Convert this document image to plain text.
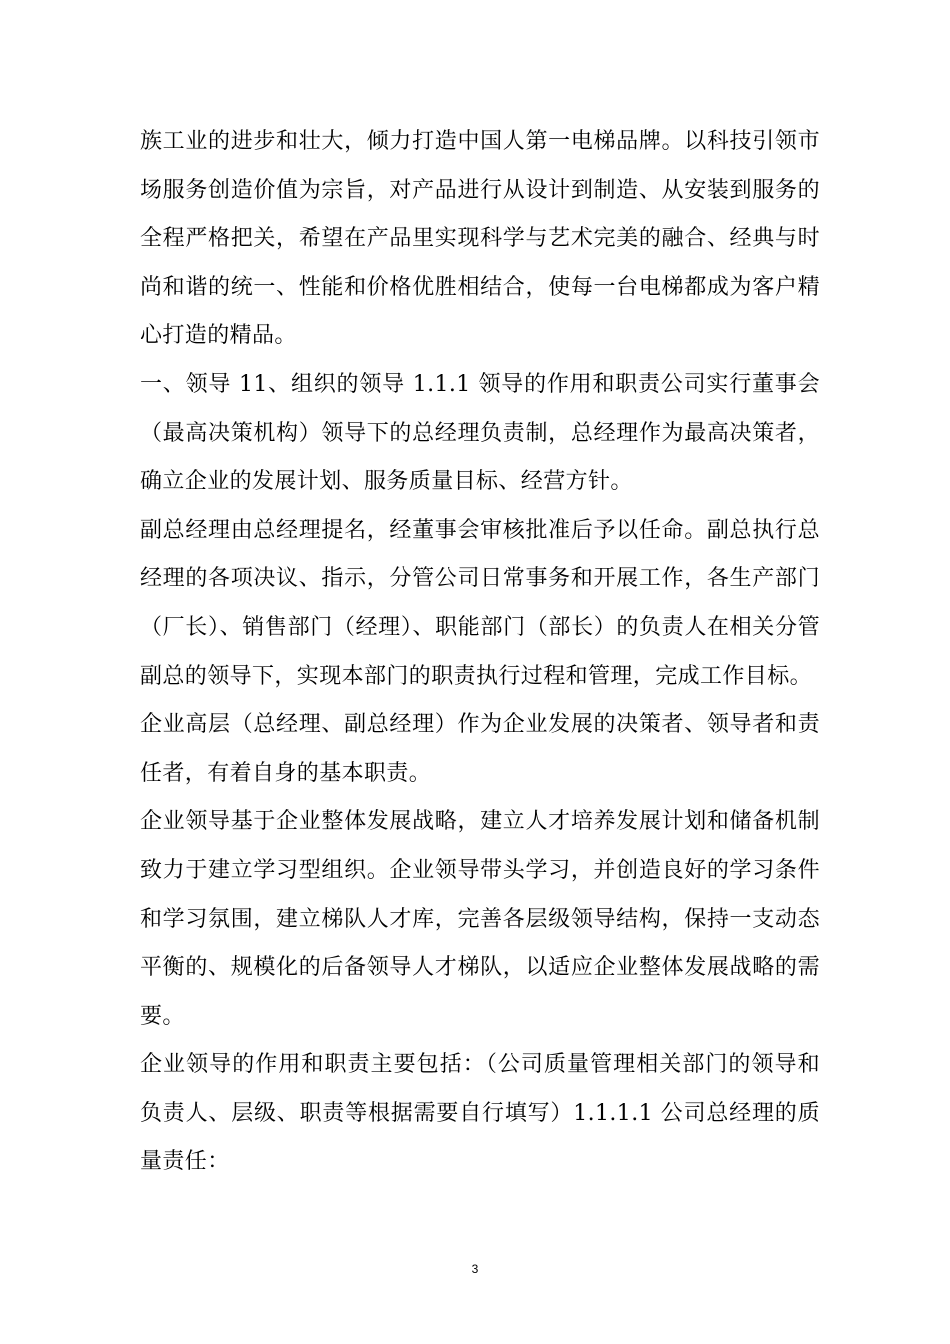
族工业的进步和壮大，倾力打造中国人第一电梯品牌。以科技引领市场服务创造价值为宗旨，对产品进行从设计到制造、从安装到服务的全程严格把关，希望在产品里实现科学与艺术完美的融合、经典与时尚和谐的统一、性能和价格优胜相结合，使每一台电梯都成为客户精心打造的精品。

一、领导 11、组织的领导 1.1.1 领导的作用和职责公司实行董事会（最高决策机构）领导下的总经理负责制，总经理作为最高决策者，确立企业的发展计划、服务质量目标、经营方针。

副总经理由总经理提名，经董事会审核批准后予以任命。副总执行总经理的各项决议、指示，分管公司日常事务和开展工作，各生产部门（厂长）、销售部门（经理）、职能部门（部长）的负责人在相关分管副总的领导下，实现本部门的职责执行过程和管理，完成工作目标。

企业高层（总经理、副总经理）作为企业发展的决策者、领导者和责任者，有着自身的基本职责。

企业领导基于企业整体发展战略，建立人才培养发展计划和储备机制致力于建立学习型组织。企业领导带头学习，并创造良好的学习条件和学习氛围，建立梯队人才库，完善各层级领导结构，保持一支动态平衡的、规模化的后备领导人才梯队，以适应企业整体发展战略的需要。

企业领导的作用和职责主要包括：（公司质量管理相关部门的领导和负责人、层级、职责等根据需要自行填写）1.1.1.1 公司总经理的质量责任：

3
